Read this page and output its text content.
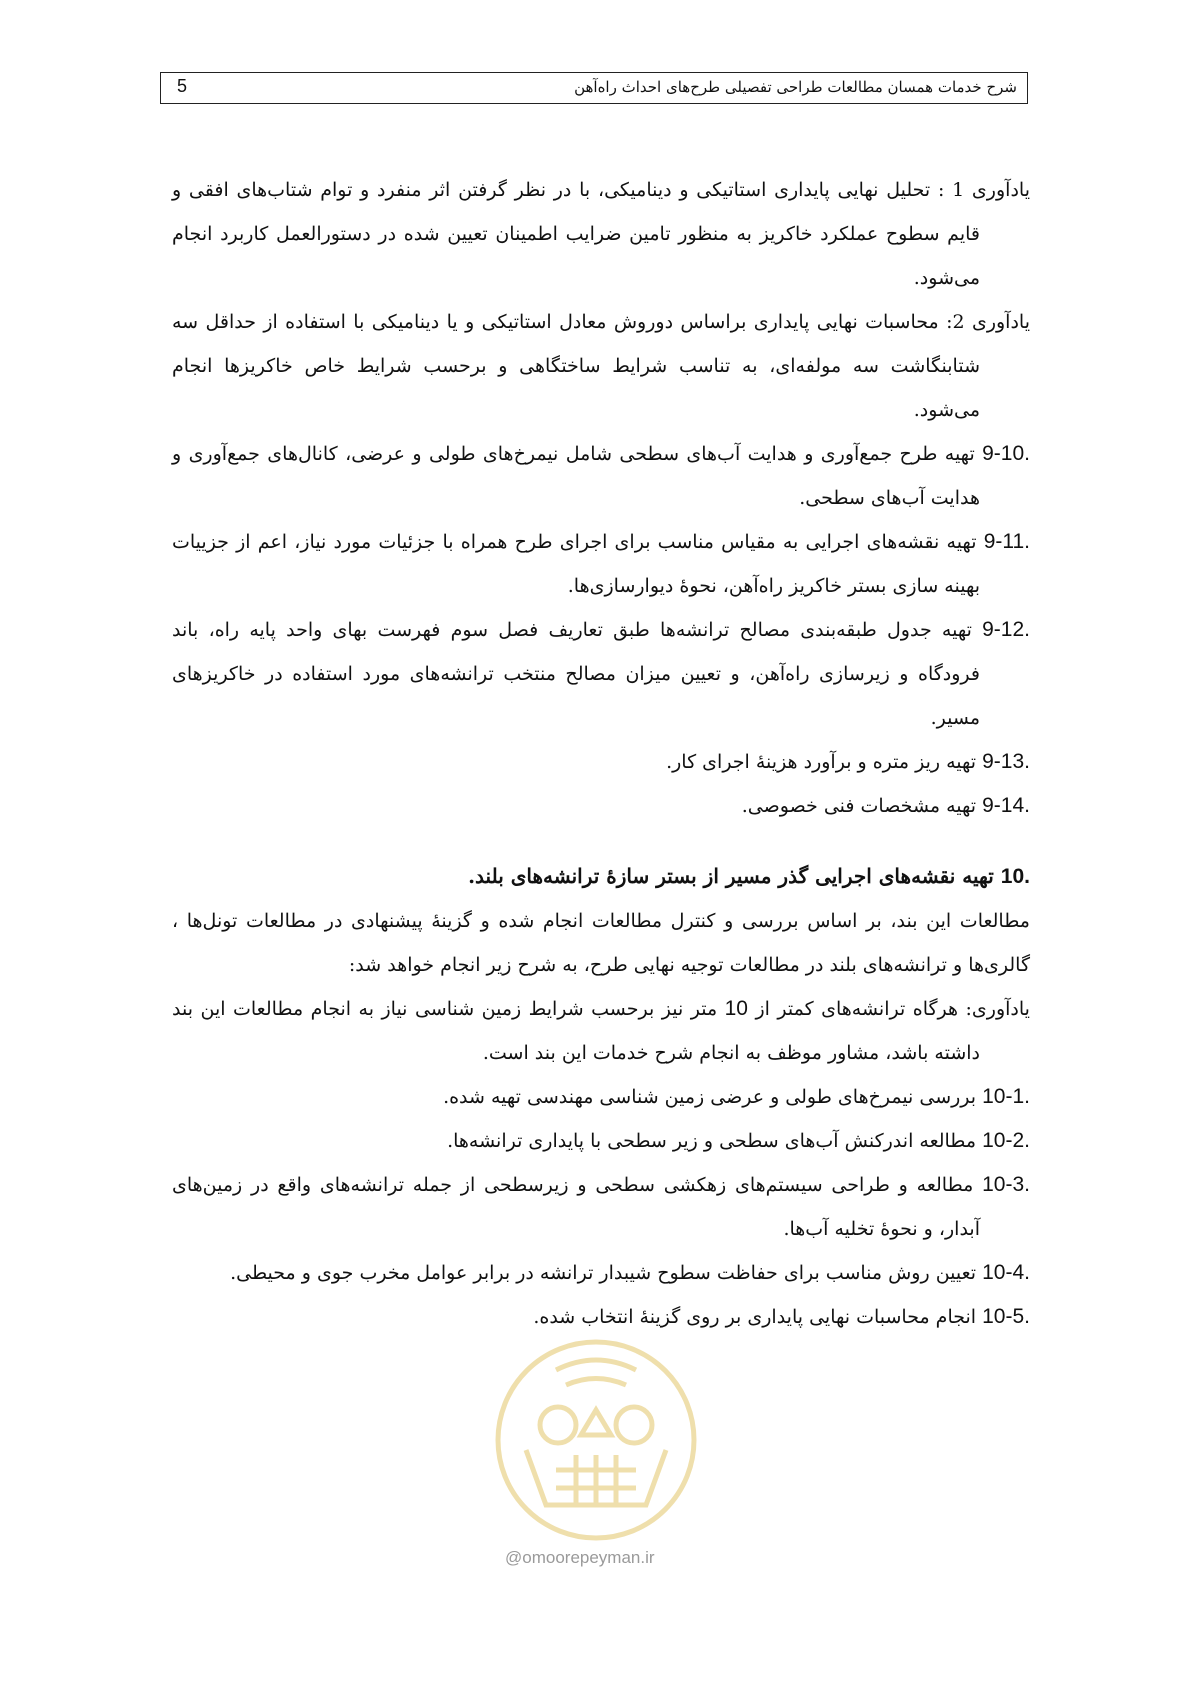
شرح خدمات همسان مطالعات طراحی تفصیلی طرح‌های احداث راه‌آهن
5

یادآوری 1 : تحلیل نهایی پایداری استاتیکی و دینامیکی، با در نظر گرفتن اثر منفرد و توام شتاب‌های افقی و قایم سطوح عملکرد خاکریز به منظور تامین ضرایب اطمینان تعیین شده در دستورالعمل کاربرد انجام می‌شود.

یادآوری 2: محاسبات نهایی پایداری براساس دوروش معادل استاتیکی و یا دینامیکی با استفاده از حداقل سه شتابنگاشت سه مولفه‌ای، به تناسب شرایط ساختگاهی و برحسب شرایط خاص خاکریزها انجام می‌شود.

9-10. تهیه طرح جمع‌آوری و هدایت آب‌های سطحی شامل نیمرخ‌های طولی و عرضی، کانال‌های جمع‌آوری و هدایت آب‌های سطحی.

9-11. تهیه نقشه‌های اجرایی به مقیاس مناسب برای اجرای طرح همراه با جزئیات مورد نیاز، اعم از جزییات بهینه سازی بستر خاکریز راه‌آهن، نحوهٔ دیوارسازی‌ها.

9-12. تهیه جدول طبقه‌بندی مصالح ترانشه‌ها طبق تعاریف فصل سوم فهرست بهای واحد پایه راه، باند فرودگاه و زیرسازی راه‌آهن، و تعیین میزان مصالح منتخب ترانشه‌های مورد استفاده در خاکریزهای مسیر.

9-13. تهیه ریز متره و برآورد هزینهٔ اجرای کار.

9-14. تهیه مشخصات فنی خصوصی.

10. تهیه نقشه‌های اجرایی گذر مسیر از بستر سازهٔ ترانشه‌های بلند.

مطالعات این بند، بر اساس بررسی و کنترل مطالعات انجام شده و گزینهٔ پیشنهادی در مطالعات تونل‌ها ، گالری‌ها و ترانشه‌های بلند در مطالعات توجیه نهایی طرح، به شرح زیر انجام خواهد شد:

یادآوری: هرگاه ترانشه‌های کمتر از 10 متر نیز برحسب شرایط زمین شناسی نیاز به انجام مطالعات این بند داشته باشد، مشاور موظف به انجام شرح خدمات این بند است.

10-1. بررسی نیمرخ‌های طولی و عرضی زمین شناسی مهندسی تهیه شده.

10-2. مطالعه اندرکنش آب‌های سطحی و زیر سطحی با پایداری ترانشه‌ها.

10-3. مطالعه و طراحی سیستم‌های زهکشی سطحی و زیرسطحی از جمله ترانشه‌های واقع در زمین‌های آبدار، و نحوهٔ تخلیه آب‌ها.

10-4. تعیین روش مناسب برای حفاظت سطوح شیبدار ترانشه در برابر عوامل مخرب جوی و محیطی.

10-5. انجام محاسبات نهایی پایداری بر روی گزینهٔ انتخاب شده.

@omoorepeyman.ir
